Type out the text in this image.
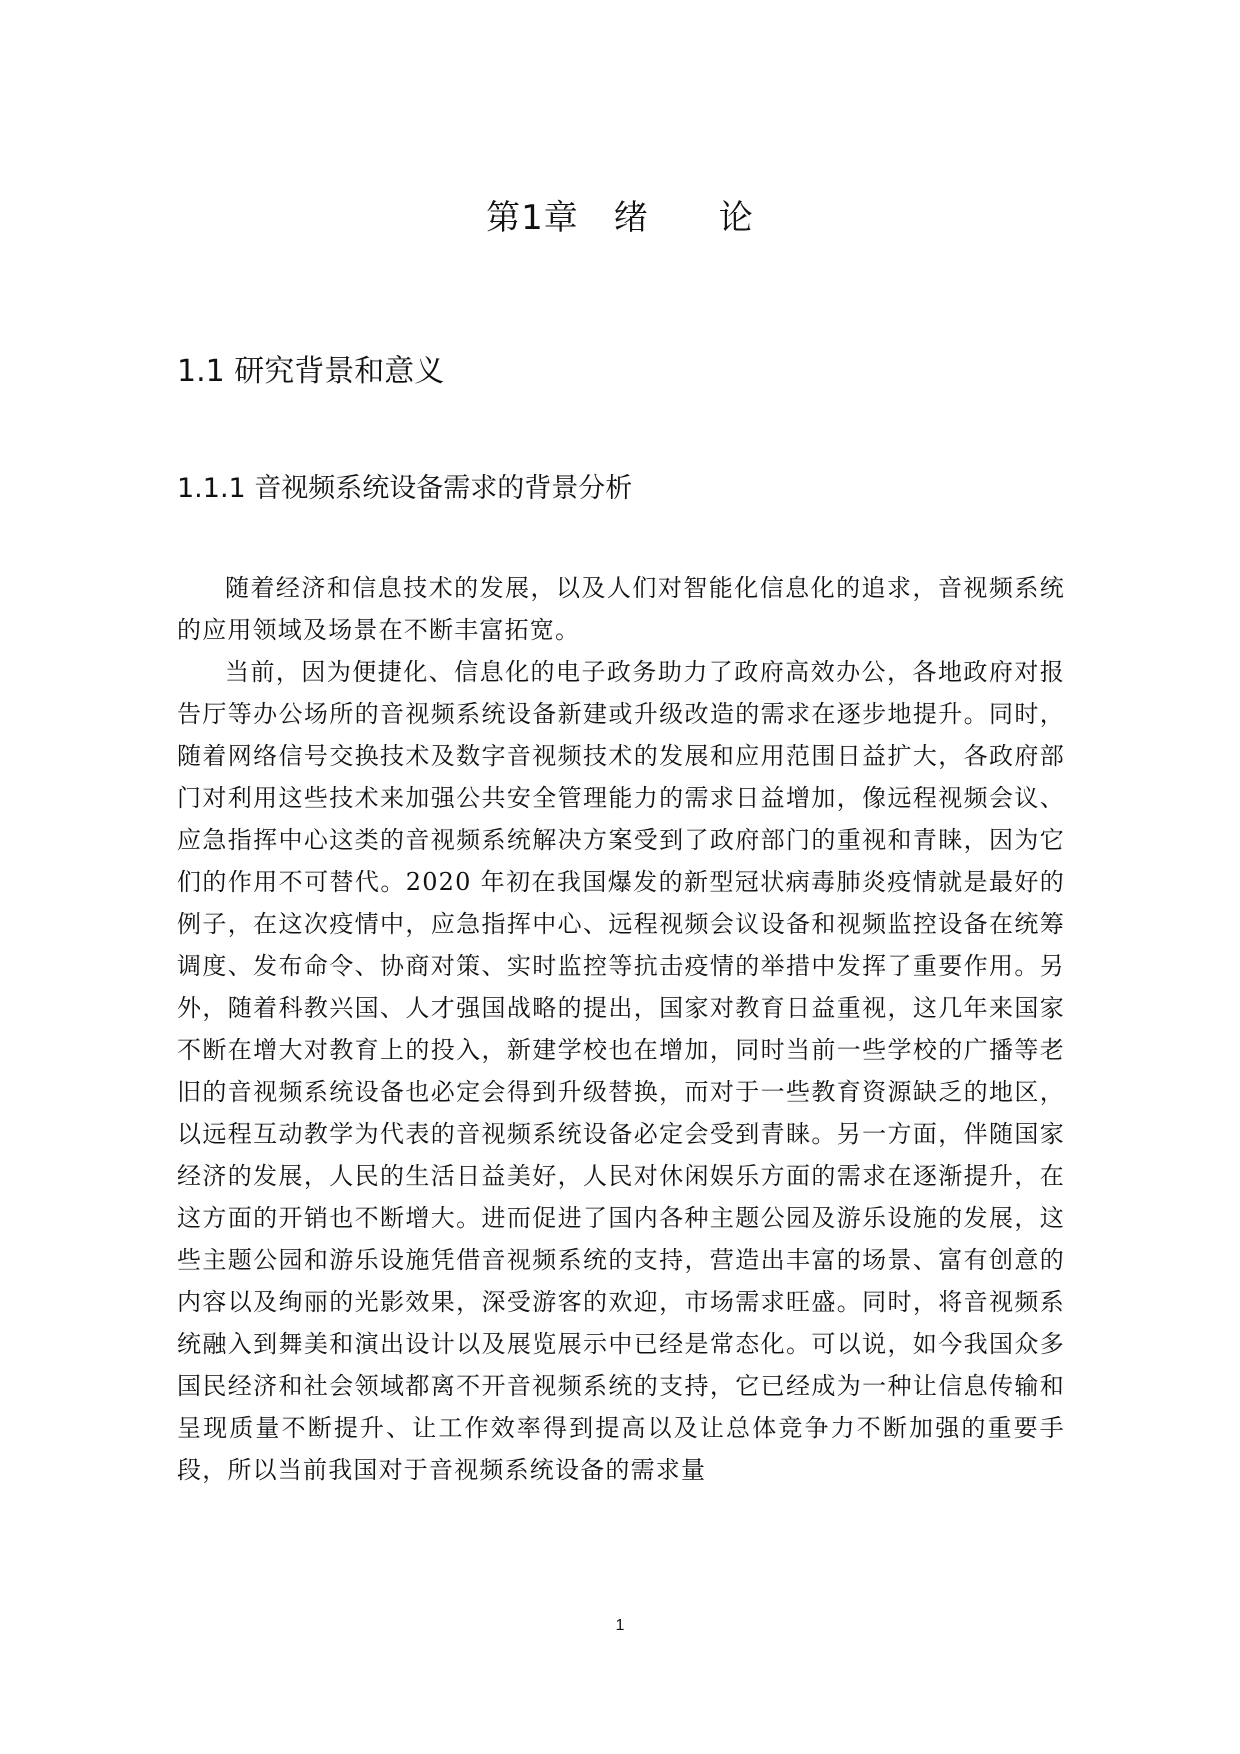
第1章　绪　　论
1.1 研究背景和意义
1.1.1 音视频系统设备需求的背景分析

随着经济和信息技术的发展，以及人们对智能化信息化的追求，音视频系统的应用领域及场景在不断丰富拓宽。

当前，因为便捷化、信息化的电子政务助力了政府高效办公，各地政府对报告厅等办公场所的音视频系统设备新建或升级改造的需求在逐步地提升。同时，随着网络信号交换技术及数字音视频技术的发展和应用范围日益扩大，各政府部门对利用这些技术来加强公共安全管理能力的需求日益增加，像远程视频会议、应急指挥中心这类的音视频系统解决方案受到了政府部门的重视和青睐，因为它们的作用不可替代。2020 年初在我国爆发的新型冠状病毒肺炎疫情就是最好的例子，在这次疫情中，应急指挥中心、远程视频会议设备和视频监控设备在统筹调度、发布命令、协商对策、实时监控等抗击疫情的举措中发挥了重要作用。另外，随着科教兴国、人才强国战略的提出，国家对教育日益重视，这几年来国家不断在增大对教育上的投入，新建学校也在增加，同时当前一些学校的广播等老旧的音视频系统设备也必定会得到升级替换，而对于一些教育资源缺乏的地区，以远程互动教学为代表的音视频系统设备必定会受到青睐。另一方面，伴随国家经济的发展，人民的生活日益美好，人民对休闲娱乐方面的需求在逐渐提升，在这方面的开销也不断增大。进而促进了国内各种主题公园及游乐设施的发展，这些主题公园和游乐设施凭借音视频系统的支持，营造出丰富的场景、富有创意的内容以及绚丽的光影效果，深受游客的欢迎，市场需求旺盛。同时，将音视频系统融入到舞美和演出设计以及展览展示中已经是常态化。可以说，如今我国众多国民经济和社会领域都离不开音视频系统的支持，它已经成为一种让信息传输和呈现质量不断提升、让工作效率得到提高以及让总体竞争力不断加强的重要手段，所以当前我国对于音视频系统设备的需求量

1
